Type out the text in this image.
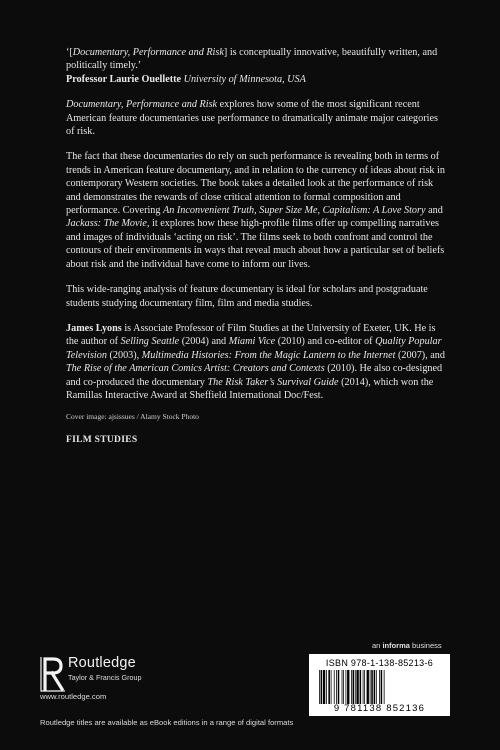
‘[Documentary, Performance and Risk] is conceptually innovative, beautifully written, and politically timely.’
Professor Laurie Ouellette University of Minnesota, USA

Documentary, Performance and Risk explores how some of the most significant recent American feature documentaries use performance to dramatically animate major categories of risk.

The fact that these documentaries do rely on such performance is revealing both in terms of trends in American feature documentary, and in relation to the currency of ideas about risk in contemporary Western societies. The book takes a detailed look at the performance of risk and demonstrates the rewards of close critical attention to formal composition and performance. Covering An Inconvenient Truth, Super Size Me, Capitalism: A Love Story and Jackass: The Movie, it explores how these high-profile films offer up compelling narratives and images of individuals ‘acting on risk’. The films seek to both confront and control the contours of their environments in ways that reveal much about how a particular set of beliefs about risk and the individual have come to inform our lives.

This wide-ranging analysis of feature documentary is ideal for scholars and postgraduate students studying documentary film, film and media studies.

James Lyons is Associate Professor of Film Studies at the University of Exeter, UK. He is the author of Selling Seattle (2004) and Miami Vice (2010) and co-editor of Quality Popular Television (2003), Multimedia Histories: From the Magic Lantern to the Internet (2007), and The Rise of the American Comics Artist: Creators and Contexts (2010). He also co-designed and co-produced the documentary The Risk Taker’s Survival Guide (2014), which won the Ramillas Interactive Award at Sheffield International Doc/Fest.

Cover image: ajsissues / Alamy Stock Photo

FILM STUDIES

an informa business
ISBN 978-1-138-85213-6
9 781138 852136
Routledge
Taylor & Francis Group
www.routledge.com
Routledge titles are available as eBook editions in a range of digital formats
